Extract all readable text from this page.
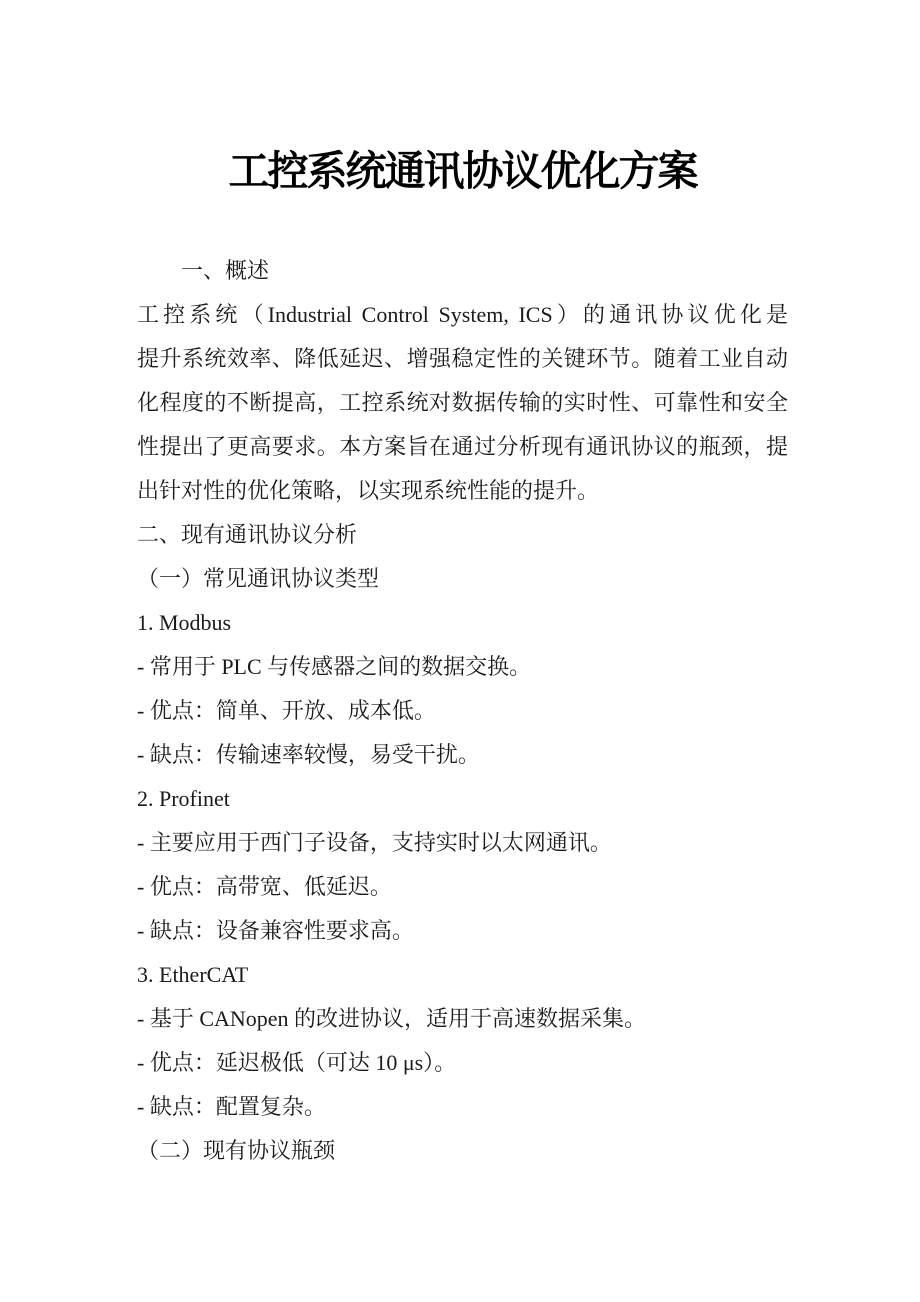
工控系统通讯协议优化方案

一、概述

工控系统（Industrial Control System, ICS）的通讯协议优化是

提升系统效率、降低延迟、增强稳定性的关键环节。随着工业自动

化程度的不断提高，工控系统对数据传输的实时性、可靠性和安全

性提出了更高要求。本方案旨在通过分析现有通讯协议的瓶颈，提

出针对性的优化策略，以实现系统性能的提升。

二、现有通讯协议分析

（一）常见通讯协议类型

1. Modbus

- 常用于 PLC 与传感器之间的数据交换。

- 优点：简单、开放、成本低。

- 缺点：传输速率较慢，易受干扰。

2. Profinet

- 主要应用于西门子设备，支持实时以太网通讯。

- 优点：高带宽、低延迟。

- 缺点：设备兼容性要求高。

3. EtherCAT

- 基于 CANopen 的改进协议，适用于高速数据采集。

- 优点：延迟极低（可达 10 μs）。

- 缺点：配置复杂。

（二）现有协议瓶颈
